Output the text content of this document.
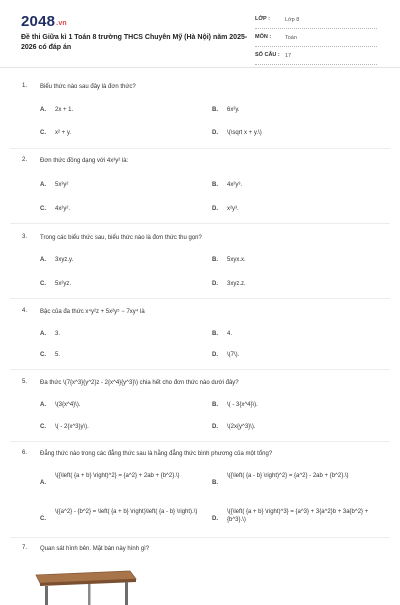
2048.vn
Đề thi Giữa kì 1 Toán 8 trường THCS Chuyên Mỹ (Hà Nội) năm 2025-2026 có đáp án
LỚP :	Lớp 8
MÔN :	Toán
SỐ CÂU : 17
1. Biểu thức nào sau đây là đơn thức?
A. 2x + 1.	B. 6x²y.
C. x² + y.	D. \(\sqrt x + y.\)
2. Đơn thức đồng dạng với 4x³y² là:
A. 5x³y²	B. 4x²y³.
C. 4x²y².	D. x²y³.
3. Trong các biểu thức sau, biểu thức nào là đơn thức thu gọn?
A. 3xyz.y.	B. 5xyx.x.
C. 5x²yz.	D. 3xyz.z.
4. Bậc của đa thức x⁴y²z + 5x²y⁵ − 7xy⁴ là
A. 3.	B. 4.
C. 5.	D. \(7\).
5. Đa thức \(7{x^3}{y^2}z - 2{x^4}{y^3}\) chia hết cho đơn thức nào dưới đây?
A. \(3{x^4}\).	B. \( - 3{x^4}\).
C. \( - 2{x^3}y\).	D. \(2x{y^3}\).
6. Đẳng thức nào trong các đẳng thức sau là hằng đẳng thức bình phương của một tổng?
A.
\({\left( {a + b} \right)^2} = {a^2} + 2ab + {b^2}.\)
B.
\({\left( {a - b} \right)^2} = {a^2} - 2ab + {b^2}.\)
C.
\({a^2} - {b^2} = \left( {a + b} \right)\left( {a - b} \right).\)
D.
\({\left( {a + b} \right)^3} = {a^3} + 3{a^2}b + 3a{b^2} + {b^3}.\)
7. Quan sát hình bên. Mặt bàn này hình gì?
